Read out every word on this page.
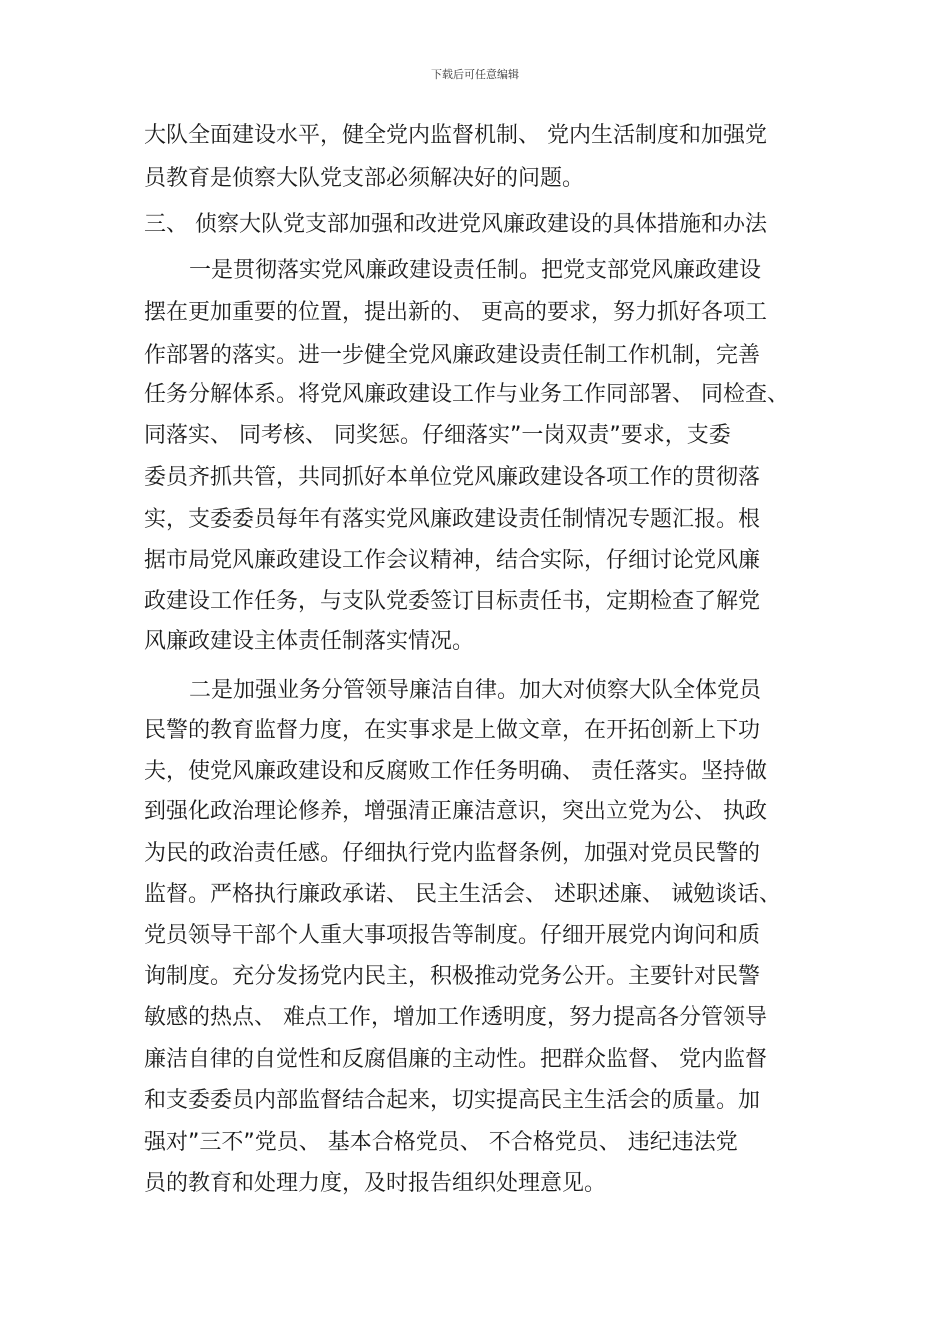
下载后可任意编辑

大队全面建设水平，健全党内监督机制、 党内生活制度和加强党

员教育是侦察大队党支部必须解决好的问题。

三、 侦察大队党支部加强和改进党风廉政建设的具体措施和办法

一是贯彻落实党风廉政建设责任制。把党支部党风廉政建设

摆在更加重要的位置，提出新的、 更高的要求，努力抓好各项工

作部署的落实。进一步健全党风廉政建设责任制工作机制，完善

任务分解体系。将党风廉政建设工作与业务工作同部署、 同检查、

同落实、 同考核、 同奖惩。仔细落实”一岗双责”要求，支委

委员齐抓共管，共同抓好本单位党风廉政建设各项工作的贯彻落

实，支委委员每年有落实党风廉政建设责任制情况专题汇报。根

据市局党风廉政建设工作会议精神，结合实际，仔细讨论党风廉

政建设工作任务，与支队党委签订目标责任书，定期检查了解党

风廉政建设主体责任制落实情况。

二是加强业务分管领导廉洁自律。加大对侦察大队全体党员

民警的教育监督力度，在实事求是上做文章，在开拓创新上下功

夫，使党风廉政建设和反腐败工作任务明确、 责任落实。坚持做

到强化政治理论修养，增强清正廉洁意识，突出立党为公、 执政

为民的政治责任感。仔细执行党内监督条例，加强对党员民警的

监督。严格执行廉政承诺、 民主生活会、 述职述廉、 诫勉谈话、

党员领导干部个人重大事项报告等制度。仔细开展党内询问和质

询制度。充分发扬党内民主，积极推动党务公开。主要针对民警

敏感的热点、 难点工作，增加工作透明度，努力提高各分管领导

廉洁自律的自觉性和反腐倡廉的主动性。把群众监督、 党内监督

和支委委员内部监督结合起来，切实提高民主生活会的质量。加

强对”三不”党员、 基本合格党员、 不合格党员、 违纪违法党

员的教育和处理力度，及时报告组织处理意见。
